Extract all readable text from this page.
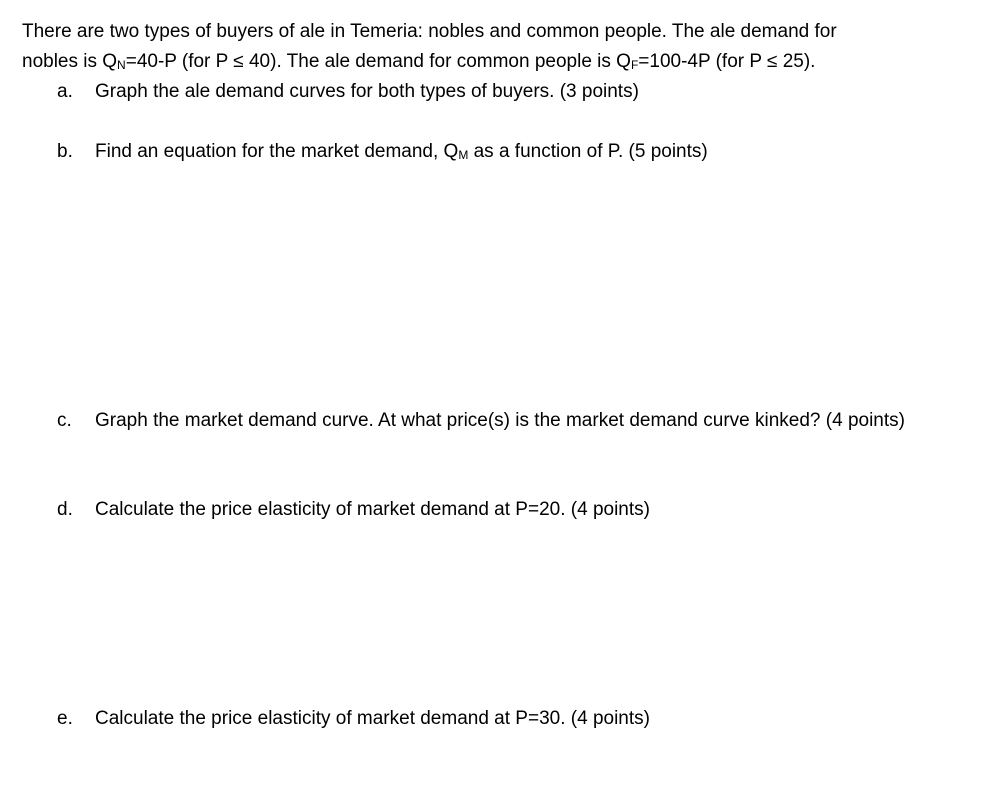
There are two types of buyers of ale in Temeria: nobles and common people. The ale demand for

nobles is $Q_N=40-P$ (for P ≤ 40). The ale demand for common people is $Q_F=100-4P$ (for P ≤ 25).

a.	Graph the ale demand curves for both types of buyers. (3 points)

b.	Find an equation for the market demand, $Q_M$ as a function of P. (5 points)

c.	Graph the market demand curve. At what price(s) is the market demand curve kinked? (4 points)

d.	Calculate the price elasticity of market demand at P=20. (4 points)

e.	Calculate the price elasticity of market demand at P=30. (4 points)
